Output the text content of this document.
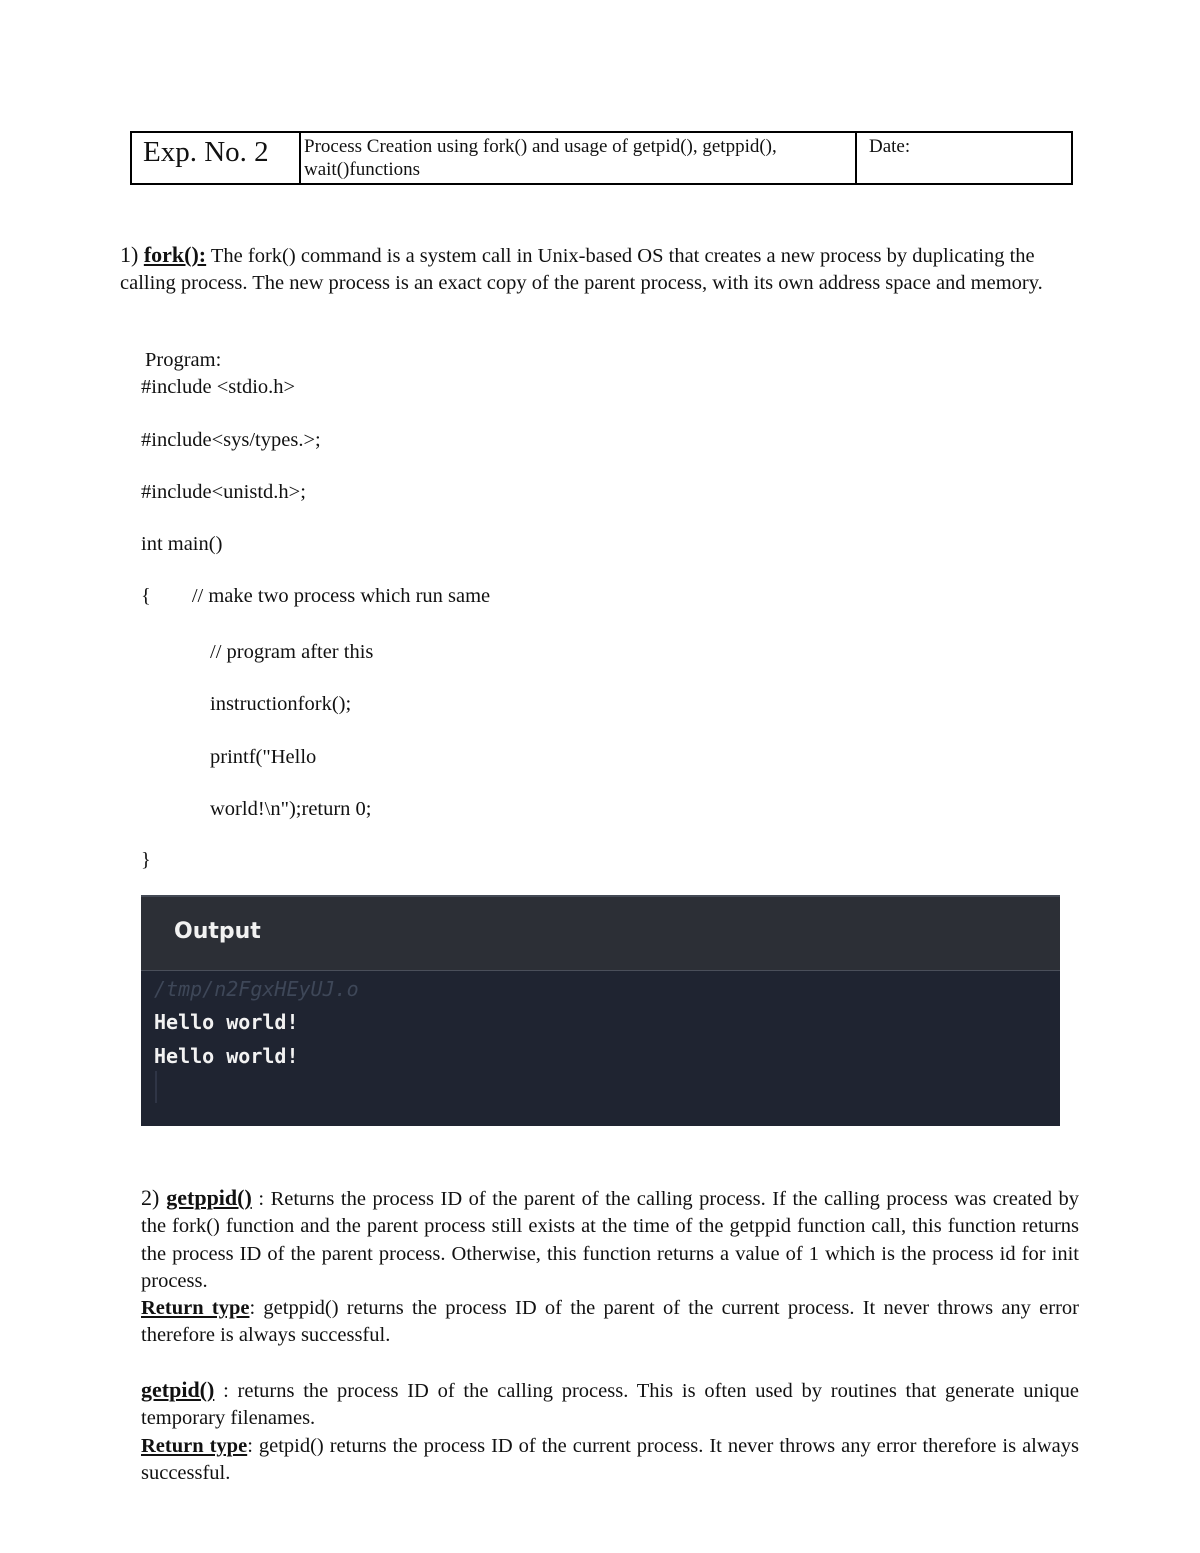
Exp. No. 2	Process Creation using fork() and usage of getpid(), getppid(), wait()functions	Date:

1) fork(): The fork() command is a system call in Unix-based OS that creates a new process by duplicating the calling process. The new process is an exact copy of the parent process, with its own address space and memory.

Program:

#include <stdio.h>

#include<sys/types.>;

#include<unistd.h>;

int main()

{        // make two process which run same

// program after this

instructionfork();

printf("Hello

world!\n");return 0;

}

Output
/tmp/n2FgxHEyUJ.o
Hello world!
Hello world!

2) getppid() : Returns the process ID of the parent of the calling process. If the calling process was created by the fork() function and the parent process still exists at the time of the getppid function call, this function returns the process ID of the parent process. Otherwise, this function returns a value of 1 which is the process id for init process.
Return type: getppid() returns the process ID of the parent of the current process. It never throws any error therefore is always successful.

getpid() : returns the process ID of the calling process. This is often used by routines that generate unique temporary filenames.
Return type: getpid() returns the process ID of the current process. It never throws any error therefore is always successful.
